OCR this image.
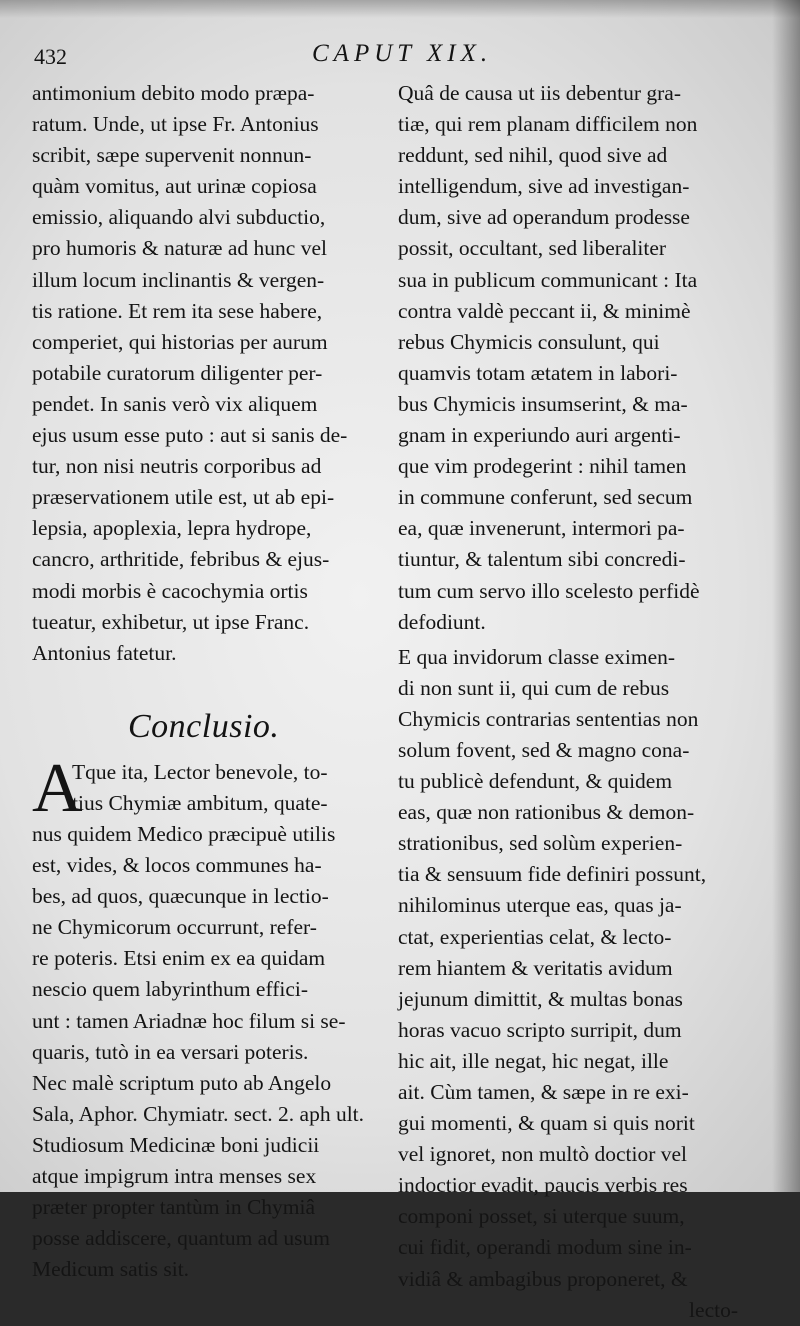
432	CAPUT XIX.
antimonium debito modo præpa-
ratum. Unde, ut ipse Fr. Antonius
scribit, sæpe supervenit nonnun-
quàm vomitus, aut urinæ copiosa
emissio, aliquando alvi subductio,
pro humoris & naturæ ad hunc vel
illum locum inclinantis & vergen-
tis ratione. Et rem ita sese habere,
comperiet, qui historias per aurum
potabile curatorum diligenter per-
pendet. In sanis verò vix aliquem
ejus usum esse puto : aut si sanis de-
tur, non nisi neutris corporibus ad
præservationem utile est, ut ab epi-
lepsia, apoplexia, lepra hydrope,
cancro, arthritide, febribus & ejus-
modi morbis è cacochymia ortis
tueatur, exhibetur, ut ipse Franc.
Antonius fatetur.
Conclusio.
A
Tque ita, Lector benevole, to-
tius Chymiæ ambitum, quate-
nus quidem Medico præcipuè utilis
est, vides, & locos communes ha-
bes, ad quos, quæcunque in lectio-
ne Chymicorum occurrunt, refer-
re poteris. Etsi enim ex ea quidam
nescio quem labyrinthum effici-
unt : tamen Ariadnæ hoc filum si se-
quaris, tutò in ea versari poteris.
Nec malè scriptum puto ab Angelo
Sala, Aphor. Chymiatr. sect. 2. aph ult.
Studiosum Medicinæ boni judicii
atque impigrum intra menses sex
præter propter tantùm in Chymiâ
posse addiscere, quantum ad usum
Medicum satis sit.
Quâ de causa ut iis debentur gra-
tiæ, qui rem planam difficilem non
reddunt, sed nihil, quod sive ad
intelligendum, sive ad investigan-
dum, sive ad operandum prodesse
possit, occultant, sed liberaliter
sua in publicum communicant : Ita
contra valdè peccant ii, & minimè
rebus Chymicis consulunt, qui
quamvis totam ætatem in labori-
bus Chymicis insumserint, & ma-
gnam in experiundo auri argenti-
que vim prodegerint : nihil tamen
in commune conferunt, sed secum
ea, quæ invenerunt, intermori pa-
tiuntur, & talentum sibi concredi-
tum cum servo illo scelesto perfidè
defodiunt.
E qua invidorum classe eximen-
di non sunt ii, qui cum de rebus
Chymicis contrarias sententias non
solum fovent, sed & magno cona-
tu publicè defendunt, & quidem
eas, quæ non rationibus & demon-
strationibus, sed solùm experien-
tia & sensuum fide definiri possunt,
nihilominus uterque eas, quas ja-
ctat, experientias celat, & lecto-
rem hiantem & veritatis avidum
jejunum dimittit, & multas bonas
horas vacuo scripto surripit, dum
hic ait, ille negat, hic negat, ille
ait. Cùm tamen, & sæpe in re exi-
gui momenti, & quam si quis norit
vel ignoret, non multò doctior vel
indoctior evadit, paucis verbis res
componi posset, si uterque suum,
cui fidit, operandi modum sine in-
vidiâ & ambagibus proponeret, &
lecto-
